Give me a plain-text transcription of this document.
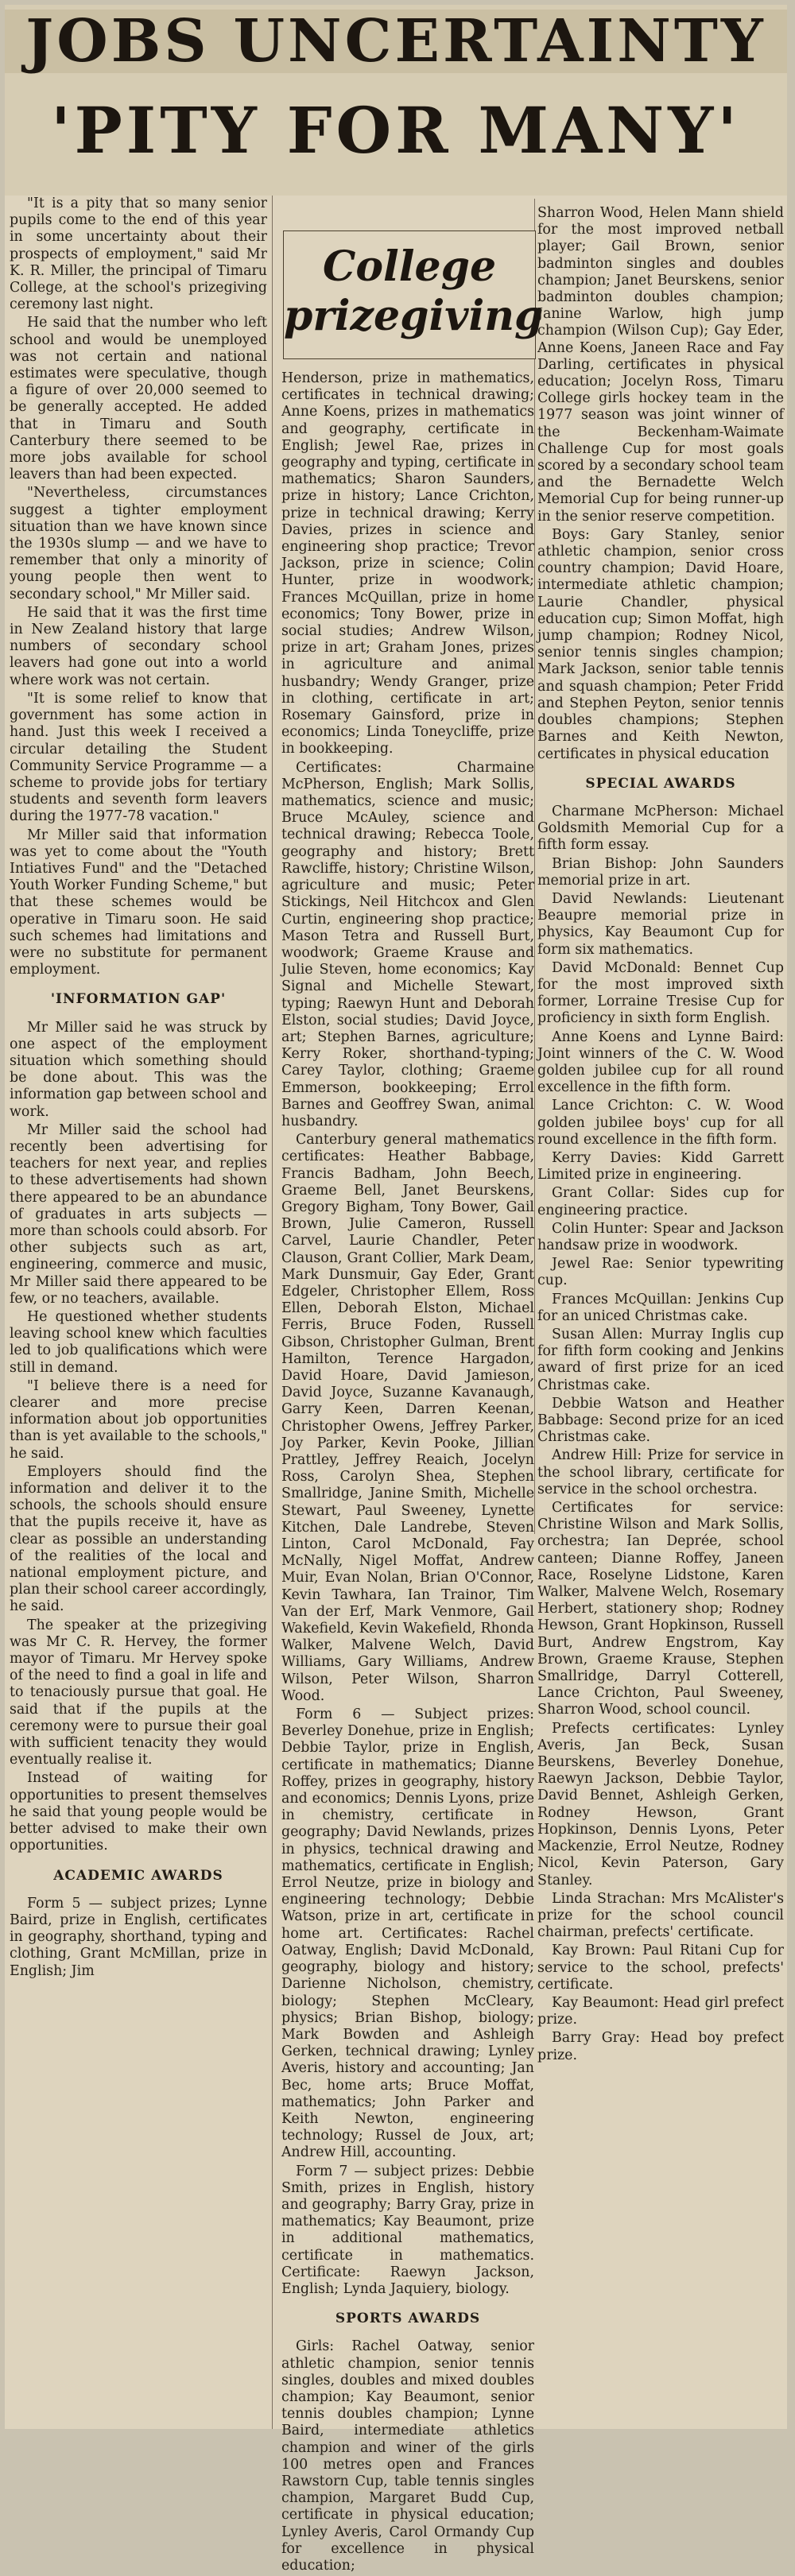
JOBS UNCERTAINTY
'PITY FOR MANY'

"It is a pity that so many senior pupils come to the end of this year in some uncertainty about their prospects of employment," said Mr K. R. Miller, the principal of Timaru College, at the school's prizegiving ceremony last night.

He said that the number who left school and would be unemployed was not certain and national estimates were speculative, though a figure of over 20,000 seemed to be generally accepted. He added that in Timaru and South Canterbury there seemed to be more jobs available for school leavers than had been expected.

"Nevertheless, circumstances suggest a tighter employment situation than we have known since the 1930s slump — and we have to remember that only a minority of young people then went to secondary school," Mr Miller said.

He said that it was the first time in New Zealand history that large numbers of secondary school leavers had gone out into a world where work was not certain.

"It is some relief to know that government has some action in hand. Just this week I received a circular detailing the Student Community Service Programme — a scheme to provide jobs for tertiary students and seventh form leavers during the 1977-78 vacation."

Mr Miller said that information was yet to come about the "Youth Intiatives Fund" and the "Detached Youth Worker Funding Scheme," but that these schemes would be operative in Timaru soon. He said such schemes had limitations and were no substitute for permanent employment.

'INFORMATION GAP'

Mr Miller said he was struck by one aspect of the employment situation which something should be done about. This was the information gap between school and work.

Mr Miller said the school had recently been advertising for teachers for next year, and replies to these advertisements had shown there appeared to be an abundance of graduates in arts subjects — more than schools could absorb. For other subjects such as art, engineering, commerce and music, Mr Miller said there appeared to be few, or no teachers, available.

He questioned whether students leaving school knew which faculties led to job qualifications which were still in demand.

"I believe there is a need for clearer and more precise information about job opportunities than is yet available to the schools," he said.

Employers should find the information and deliver it to the schools, the schools should ensure that the pupils receive it, have as clear as possible an understanding of the realities of the local and national employment picture, and plan their school career accordingly, he said.

The speaker at the prizegiving was Mr C. R. Hervey, the former mayor of Timaru. Mr Hervey spoke of the need to find a goal in life and to tenaciously pursue that goal. He said that if the pupils at the ceremony were to pursue their goal with sufficient tenacity they would eventually realise it.

Instead of waiting for opportunities to present themselves he said that young people would be better advised to make their own opportunities.

ACADEMIC AWARDS

Form 5 — subject prizes; Lynne Baird, prize in English, certificates in geography, shorthand, typing and clothing, Grant McMillan, prize in English; Jim

College
prizegiving

Henderson, prize in mathematics, certificates in technical drawing; Anne Koens, prizes in mathematics and geography, certificate in English; Jewel Rae, prizes in geography and typing, certificate in mathematics; Sharon Saunders, prize in history; Lance Crichton, prize in technical drawing; Kerry Davies, prizes in science and engineering shop practice; Trevor Jackson, prize in science; Colin Hunter, prize in woodwork; Frances McQuillan, prize in home economics; Tony Bower, prize in social studies; Andrew Wilson, prize in art; Graham Jones, prizes in agriculture and animal husbandry; Wendy Granger, prize in clothing, certificate in art; Rosemary Gainsford, prize in economics; Linda Toneycliffe, prize in bookkeeping.

Certificates: Charmaine McPherson, English; Mark Sollis, mathematics, science and music; Bruce McAuley, science and technical drawing; Rebecca Toole, geography and history; Brett Rawcliffe, history; Christine Wilson, agriculture and music; Peter Stickings, Neil Hitchcox and Glen Curtin, engineering shop practice; Mason Tetra and Russell Burt, woodwork; Graeme Krause and Julie Steven, home economics; Kay Signal and Michelle Stewart, typing; Raewyn Hunt and Deborah Elston, social studies; David Joyce, art; Stephen Barnes, agriculture; Kerry Roker, shorthand-typing; Carey Taylor, clothing; Graeme Emmerson, bookkeeping; Errol Barnes and Geoffrey Swan, animal husbandry.

Canterbury general mathematics certificates: Heather Babbage, Francis Badham, John Beech, Graeme Bell, Janet Beurskens, Gregory Bigham, Tony Bower, Gail Brown, Julie Cameron, Russell Carvel, Laurie Chandler, Peter Clauson, Grant Collier, Mark Deam, Mark Dunsmuir, Gay Eder, Grant Edgeler, Christopher Ellem, Ross Ellen, Deborah Elston, Michael Ferris, Bruce Foden, Russell Gibson, Christopher Gulman, Brent Hamilton, Terence Hargadon, David Hoare, David Jamieson, David Joyce, Suzanne Kavanaugh, Garry Keen, Darren Keenan, Christopher Owens, Jeffrey Parker, Joy Parker, Kevin Pooke, Jillian Prattley, Jeffrey Reaich, Jocelyn Ross, Carolyn Shea, Stephen Smallridge, Janine Smith, Michelle Stewart, Paul Sweeney, Lynette Kitchen, Dale Landrebe, Steven Linton, Carol McDonald, Fay McNally, Nigel Moffat, Andrew Muir, Evan Nolan, Brian O'Connor, Kevin Tawhara, Ian Trainor, Tim Van der Erf, Mark Venmore, Gail Wakefield, Kevin Wakefield, Rhonda Walker, Malvene Welch, David Williams, Gary Williams, Andrew Wilson, Peter Wilson, Sharron Wood.

Form 6 — Subject prizes: Beverley Donehue, prize in English; Debbie Taylor, prize in English, certificate in mathematics; Dianne Roffey, prizes in geography, history and economics; Dennis Lyons, prize in chemistry, certificate in geography; David Newlands, prizes in physics, technical drawing and mathematics, certificate in English; Errol Neutze, prize in biology and engineering technology; Debbie Watson, prize in art, certificate in home art. Certificates: Rachel Oatway, English; David McDonald, geography, biology and history; Darienne Nicholson, chemistry, biology; Stephen McCleary, physics; Brian Bishop, biology; Mark Bowden and Ashleigh Gerken, technical drawing; Lynley Averis, history and accounting; Jan Bec, home arts; Bruce Moffat, mathematics; John Parker and Keith Newton, engineering technology; Russel de Joux, art; Andrew Hill, accounting.

Form 7 — subject prizes: Debbie Smith, prizes in English, history and geography; Barry Gray, prize in mathematics; Kay Beaumont, prize in additional mathematics, certificate in mathematics. Certificate: Raewyn Jackson, English; Lynda Jaquiery, biology.

SPORTS AWARDS

Girls: Rachel Oatway, senior athletic champion, senior tennis singles, doubles and mixed doubles champion; Kay Beaumont, senior tennis doubles champion; Lynne Baird, intermediate athletics champion and winer of the girls 100 metres open and Frances Rawstorn Cup, table tennis singles champion, Margaret Budd Cup, certificate in physical education; Lynley Averis, Carol Ormandy Cup for excellence in physical education;

Sharron Wood, Helen Mann shield for the most improved netball player; Gail Brown, senior badminton singles and doubles champion; Janet Beurskens, senior badminton doubles champion; Janine Warlow, high jump champion (Wilson Cup); Gay Eder, Anne Koens, Janeen Race and Fay Darling, certificates in physical education; Jocelyn Ross, Timaru College girls hockey team in the 1977 season was joint winner of the Beckenham-Waimate Challenge Cup for most goals scored by a secondary school team and the Bernadette Welch Memorial Cup for being runner-up in the senior reserve competition.

Boys: Gary Stanley, senior athletic champion, senior cross country champion; David Hoare, intermediate athletic champion; Laurie Chandler, physical education cup; Simon Moffat, high jump champion; Rodney Nicol, senior tennis singles champion; Mark Jackson, senior table tennis and squash champion; Peter Fridd and Stephen Peyton, senior tennis doubles champions; Stephen Barnes and Keith Newton, certificates in physical education

SPECIAL AWARDS

Charmane McPherson: Michael Goldsmith Memorial Cup for a fifth form essay.

Brian Bishop: John Saunders memorial prize in art.

David Newlands: Lieutenant Beaupre memorial prize in physics, Kay Beaumont Cup for form six mathematics.

David McDonald: Bennet Cup for the most improved sixth former, Lorraine Tresise Cup for proficiency in sixth form English.

Anne Koens and Lynne Baird: Joint winners of the C. W. Wood golden jubilee cup for all round excellence in the fifth form.

Lance Crichton: C. W. Wood golden jubilee boys' cup for all round excellence in the fifth form.

Kerry Davies: Kidd Garrett Limited prize in engineering.

Grant Collar: Sides cup for engineering practice.

Colin Hunter: Spear and Jackson handsaw prize in woodwork.

Jewel Rae: Senior typewriting cup.

Frances McQuillan: Jenkins Cup for an uniced Christmas cake.

Susan Allen: Murray Inglis cup for fifth form cooking and Jenkins award of first prize for an iced Christmas cake.

Debbie Watson and Heather Babbage: Second prize for an iced Christmas cake.

Andrew Hill: Prize for service in the school library, certificate for service in the school orchestra.

Certificates for service: Christine Wilson and Mark Sollis, orchestra; Ian Deprée, school canteen; Dianne Roffey, Janeen Race, Roselyne Lidstone, Karen Walker, Malvene Welch, Rosemary Herbert, stationery shop; Rodney Hewson, Grant Hopkinson, Russell Burt, Andrew Engstrom, Kay Brown, Graeme Krause, Stephen Smallridge, Darryl Cotterell, Lance Crichton, Paul Sweeney, Sharron Wood, school council.

Prefects certificates: Lynley Averis, Jan Beck, Susan Beurskens, Beverley Donehue, Raewyn Jackson, Debbie Taylor, David Bennet, Ashleigh Gerken, Rodney Hewson, Grant Hopkinson, Dennis Lyons, Peter Mackenzie, Errol Neutze, Rodney Nicol, Kevin Paterson, Gary Stanley.

Linda Strachan: Mrs McAlister's prize for the school council chairman, prefects' certificate.

Kay Brown: Paul Ritani Cup for service to the school, prefects' certificate.

Kay Beaumont: Head girl prefect prize.

Barry Gray: Head boy prefect prize.
